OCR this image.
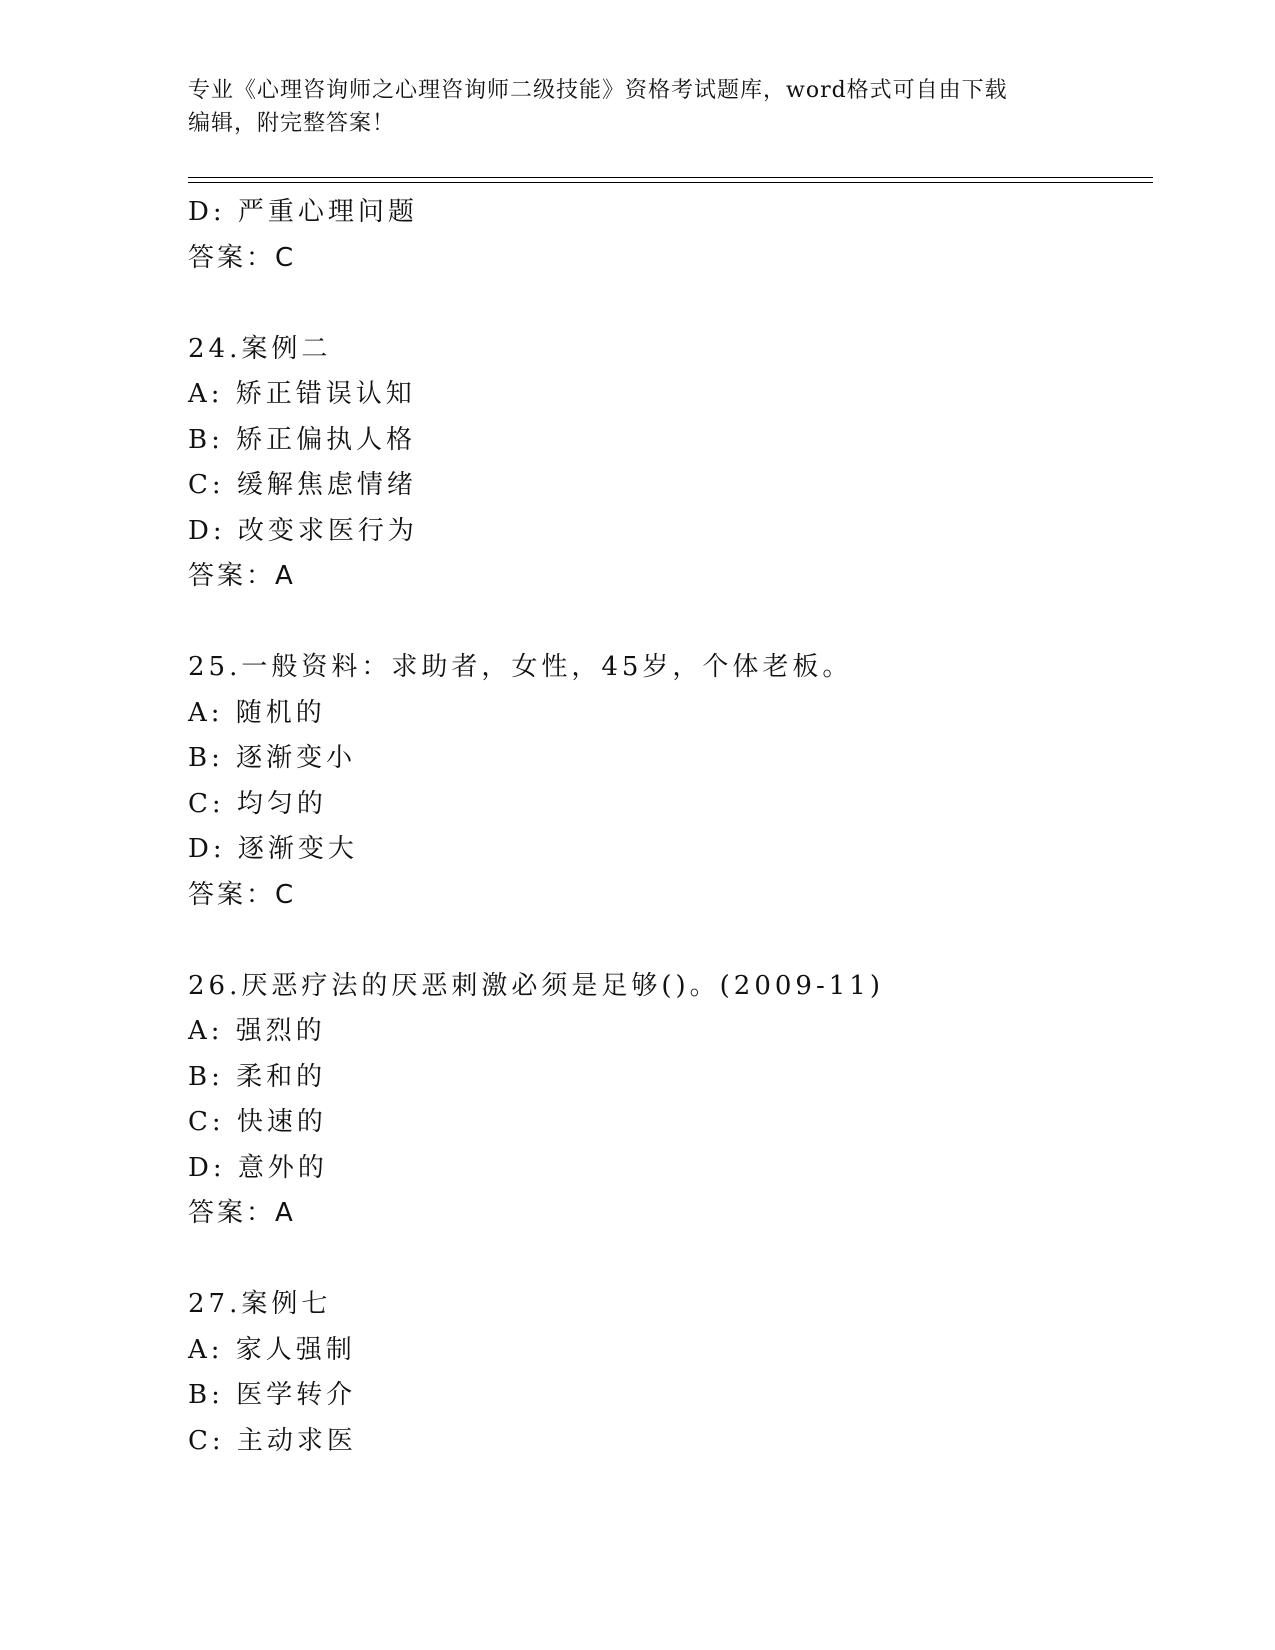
专业《心理咨询师之心理咨询师二级技能》资格考试题库，word格式可自由下载
编辑，附完整答案！
D: 严重心理问题
答案：C
24.案例二
A: 矫正错误认知
B: 矫正偏执人格
C: 缓解焦虑情绪
D: 改变求医行为
答案：A
25.一般资料：求助者，女性，45岁，个体老板。
A: 随机的
B: 逐渐变小
C: 均匀的
D: 逐渐变大
答案：C
26.厌恶疗法的厌恶刺激必须是足够()。(2009-11)
A: 强烈的
B: 柔和的
C: 快速的
D: 意外的
答案：A
27.案例七
A: 家人强制
B: 医学转介
C: 主动求医
